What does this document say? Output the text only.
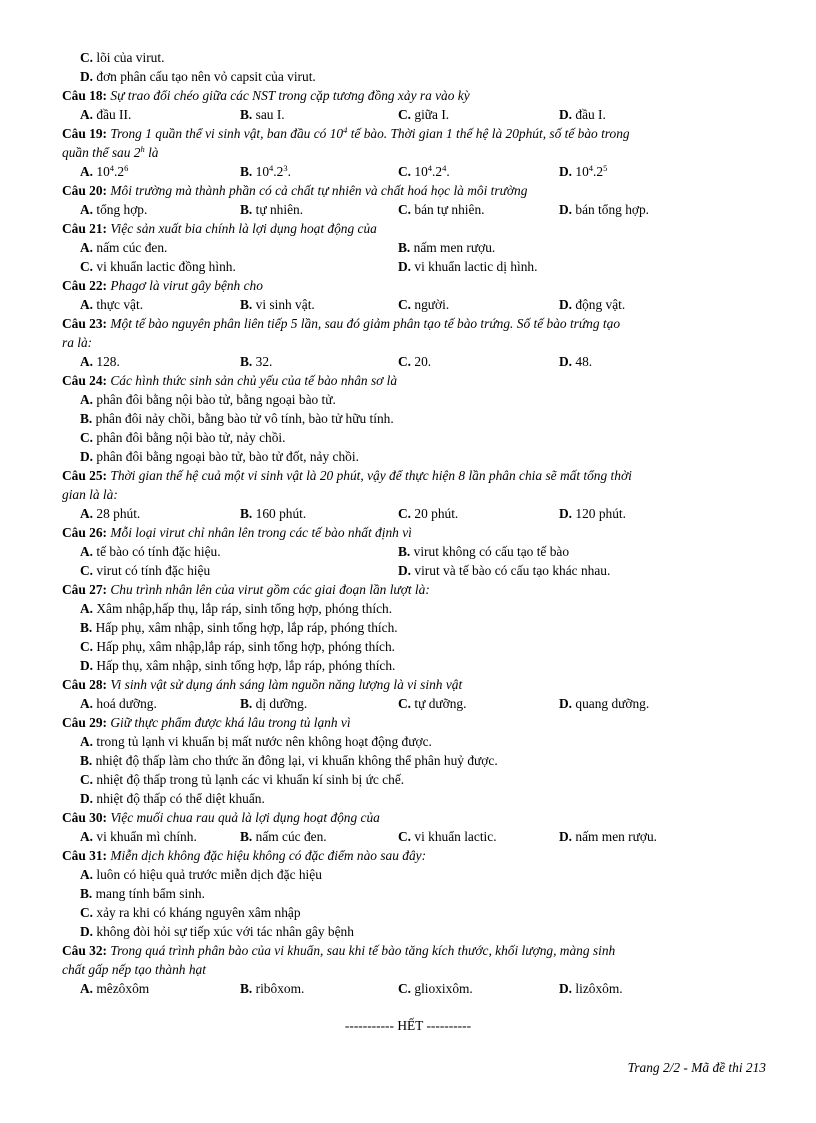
C. lõi của virut.
D. đơn phân cấu tạo nên vỏ capsit của virut.
Câu 18: Sự trao đổi chéo giữa các NST trong cặp tương đồng xảy ra vào kỳ
A. đầu II.	B. sau I.	C. giữa I.	D. đầu I.
Câu 19: Trong 1 quần thể vi sinh vật, ban đầu có $10^4$ tế bào. Thời gian 1 thế hệ là 20phút, số tế bào trong
quần thể sau 2$^h$ là
A. $10^4.2^6$	B. $10^4.2^3$.	C. $10^4.2^4$.	D. $10^4.2^5$
Câu 20: Môi trường mà thành phần có cả chất tự nhiên và chất hoá học là môi trường
A. tổng hợp.	B. tự nhiên.	C. bán tự nhiên.	D. bán tổng hợp.
Câu 21: Việc sản xuất bia chính là lợi dụng hoạt động của
A. nấm cúc đen.	B. nấm men rượu.
C. vi khuẩn lactic đồng hình.	D. vi khuẩn lactic dị hình.
Câu 22: Phagơ là virut gây bệnh cho
A. thực vật.	B. vi sinh vật.	C. người.	D. động vật.
Câu 23: Một tế bào nguyên phân liên tiếp 5 lần, sau đó giảm phân tạo tế bào trứng. Số tế bào trứng tạo
ra là:
A. 128.	B. 32.	C. 20.	D. 48.
Câu 24: Các hình thức sinh sản chủ yếu của tế bào nhân sơ là
A. phân đôi bằng nội bào tử, bằng ngoại bào tử.
B. phân đôi nảy chồi, bằng bào tử vô tính, bào tử hữu tính.
C. phân đôi bằng nội bào tử, nảy chồi.
D. phân đôi bằng ngoại bào tử, bào tử đốt, nảy chồi.
Câu 25: Thời gian thế hệ cuả một vi sinh vật là 20 phút, vậy để thực hiện 8 lần phân chia sẽ mất tổng thời
gian là là:
A. 28 phút.	B. 160 phút.	C. 20 phút.	D. 120 phút.
Câu 26: Mỗi loại virut chỉ nhân lên trong các tế bào nhất định vì
A. tế bào có tính đặc hiệu.	B. virut không có cấu tạo tế bào
C. virut có tính đặc hiệu	D. virut và tế bào có cấu tạo khác nhau.
Câu 27: Chu trình nhân lên của virut gồm các giai đoạn lần lượt là:
A. Xâm nhập,hấp thụ, lắp ráp, sinh tổng hợp, phóng thích.
B. Hấp phụ, xâm nhập, sinh tổng hợp, lắp ráp, phóng thích.
C. Hấp phụ, xâm nhập,lắp ráp, sinh tổng hợp, phóng thích.
D. Hấp thụ, xâm nhập, sinh tổng hợp, lắp ráp, phóng thích.
Câu 28: Vi sinh vật sử dụng ánh sáng làm nguồn năng lượng là vi sinh vật
A. hoá dưỡng.	B. dị dưỡng.	C. tự dưỡng.	D. quang dưỡng.
Câu 29: Giữ thực phẩm được khá lâu trong tủ lạnh vì
A. trong tủ lạnh vi khuẩn bị mất nước nên không hoạt động được.
B. nhiệt độ thấp làm cho thức ăn đông lại, vi khuẩn không thể phân huỷ được.
C. nhiệt độ thấp trong tủ lạnh các vi khuẩn kí sinh bị ức chế.
D. nhiệt độ thấp có thể diệt khuẩn.
Câu 30: Việc muối chua rau quả là lợi dụng hoạt động của
A. vi khuẩn mì chính.	B. nấm cúc đen.	C. vi khuẩn lactic.	D. nấm men rượu.
Câu 31: Miễn dịch không đặc hiệu không có đặc điểm nào sau đây:
A. luôn có hiệu quả trước miễn dịch đặc hiệu
B. mang tính bẩm sinh.
C. xảy ra khi có kháng nguyên xâm nhập
D. không đòi hỏi sự tiếp xúc với tác nhân gây bệnh
Câu 32: Trong quá trình phân bào của vi khuẩn, sau khi tế bào tăng kích thước, khối lượng, màng sinh
chất gấp nếp tạo thành hạt
A. mêzôxôm	B. ribôxom.	C. glioxixôm.	D. lizôxôm.
----------- HẾT ----------
Trang 2/2 - Mã đề thi 213
